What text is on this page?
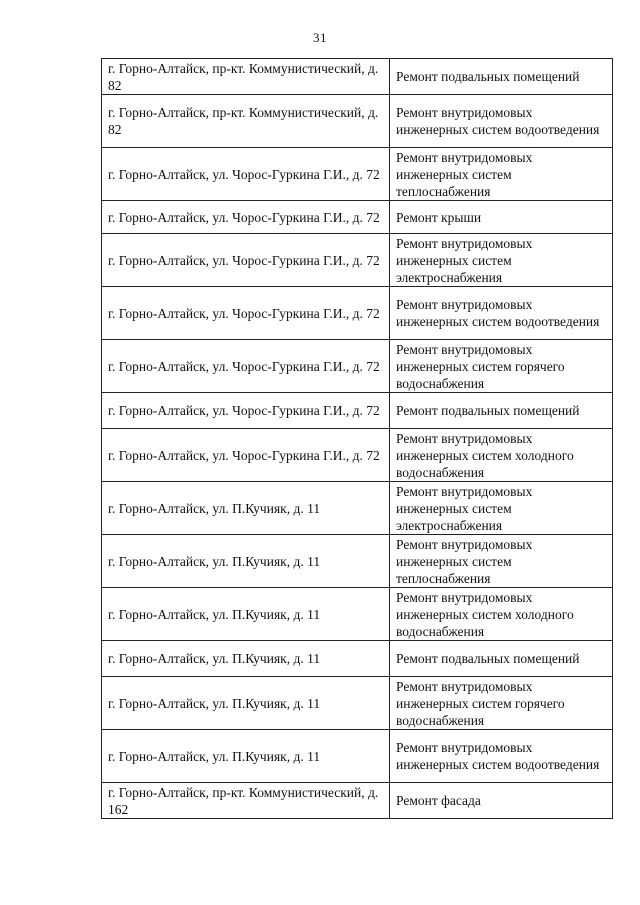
31
г. Горно-Алтайск, пр-кт. Коммунистический, д. 82	Ремонт подвальных помещений
г. Горно-Алтайск, пр-кт. Коммунистический, д. 82	Ремонт внутридомовых инженерных систем водоотведения
г. Горно-Алтайск, ул. Чорос-Гуркина Г.И., д. 72	Ремонт внутридомовых инженерных систем теплоснабжения
г. Горно-Алтайск, ул. Чорос-Гуркина Г.И., д. 72	Ремонт крыши
г. Горно-Алтайск, ул. Чорос-Гуркина Г.И., д. 72	Ремонт внутридомовых инженерных систем электроснабжения
г. Горно-Алтайск, ул. Чорос-Гуркина Г.И., д. 72	Ремонт внутридомовых инженерных систем водоотведения
г. Горно-Алтайск, ул. Чорос-Гуркина Г.И., д. 72	Ремонт внутридомовых инженерных систем горячего водоснабжения
г. Горно-Алтайск, ул. Чорос-Гуркина Г.И., д. 72	Ремонт подвальных помещений
г. Горно-Алтайск, ул. Чорос-Гуркина Г.И., д. 72	Ремонт внутридомовых инженерных систем холодного водоснабжения
г. Горно-Алтайск, ул. П.Кучияк, д. 11	Ремонт внутридомовых инженерных систем электроснабжения
г. Горно-Алтайск, ул. П.Кучияк, д. 11	Ремонт внутридомовых инженерных систем теплоснабжения
г. Горно-Алтайск, ул. П.Кучияк, д. 11	Ремонт внутридомовых инженерных систем холодного водоснабжения
г. Горно-Алтайск, ул. П.Кучияк, д. 11	Ремонт подвальных помещений
г. Горно-Алтайск, ул. П.Кучияк, д. 11	Ремонт внутридомовых инженерных систем горячего водоснабжения
г. Горно-Алтайск, ул. П.Кучияк, д. 11	Ремонт внутридомовых инженерных систем водоотведения
г. Горно-Алтайск, пр-кт. Коммунистический, д. 162	Ремонт фасада
